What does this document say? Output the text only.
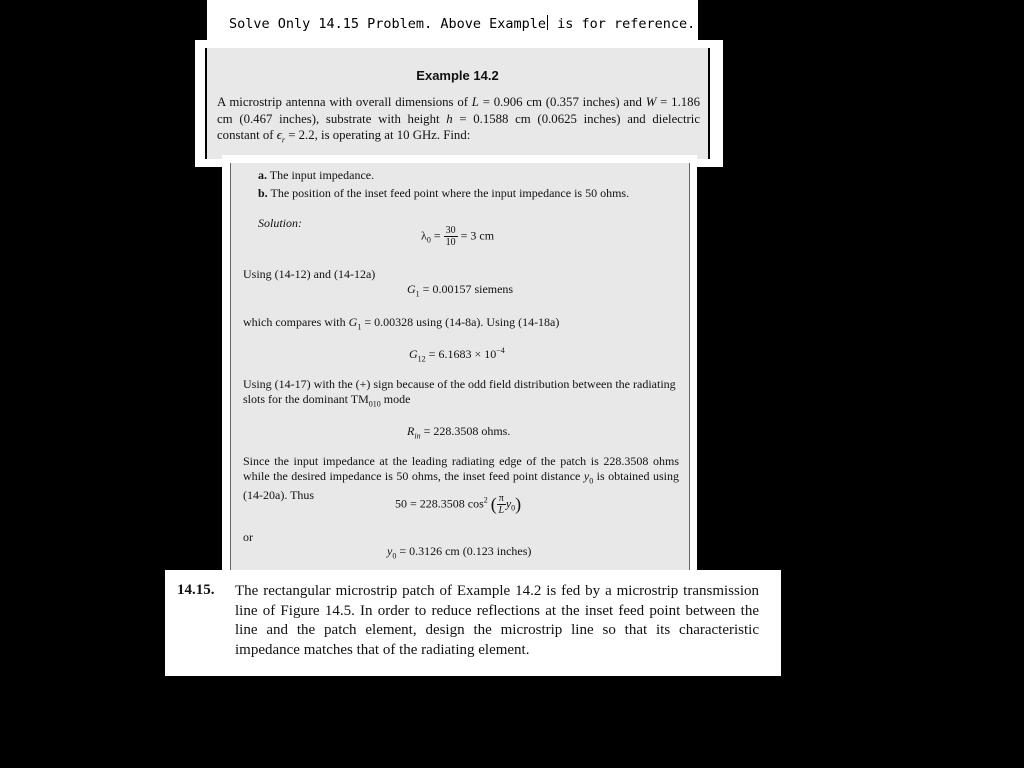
Solve Only 14.15 Problem. Above Example is for reference.
Example 14.2
A microstrip antenna with overall dimensions of L = 0.906 cm (0.357 inches) and W = 1.186 cm (0.467 inches), substrate with height h = 0.1588 cm (0.0625 inches) and dielectric constant of $\epsilon_r = 2.2$, is operating at 10 GHz. Find:
a. The input impedance.
b. The position of the inset feed point where the input impedance is 50 ohms.
Solution:
$\lambda_0 = \frac{30}{10} = 3$ cm
Using (14-12) and (14-12a)
$G_1 = 0.00157$ siemens
which compares with $G_1 = 0.00328$ using (14-8a). Using (14-18a)
$G_{12} = 6.1683 \times 10^{-4}$
Using (14-17) with the (+) sign because of the odd field distribution between the radiating slots for the dominant $TM_{010}$ mode
$R_{in} = 228.3508$ ohms.
Since the input impedance at the leading radiating edge of the patch is 228.3508 ohms while the desired impedance is 50 ohms, the inset feed point distance $y_0$ is obtained using (14-20a). Thus
50 = 228.3508 $\cos^2$ ( $\frac{\pi}{L} y_0$)
or
$y_0 = 0.3126$ cm (0.123 inches)
14.15. The rectangular microstrip patch of Example 14.2 is fed by a microstrip transmission line of Figure 14.5. In order to reduce reflections at the inset feed point between the line and the patch element, design the microstrip line so that its characteristic impedance matches that of the radiating element.
